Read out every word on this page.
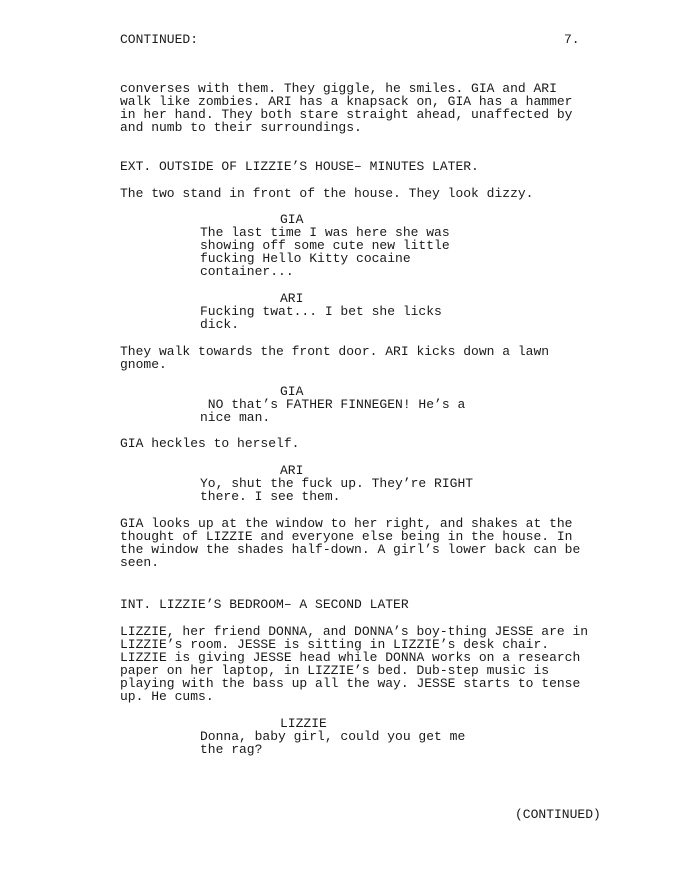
CONTINUED:	7.
converses with them. They giggle, he smiles. GIA and ARI
walk like zombies. ARI has a knapsack on, GIA has a hammer
in her hand. They both stare straight ahead, unaffected by
and numb to their surroundings.
EXT. OUTSIDE OF LIZZIE’S HOUSE– MINUTES LATER.
The two stand in front of the house. They look dizzy.
GIA
The last time I was here she was
showing off some cute new little
fucking Hello Kitty cocaine
container...
ARI
Fucking twat... I bet she licks
dick.
They walk towards the front door. ARI kicks down a lawn
gnome.
GIA
NO that’s FATHER FINNEGEN! He’s a
nice man.
GIA heckles to herself.
ARI
Yo, shut the fuck up. They’re RIGHT
there. I see them.
GIA looks up at the window to her right, and shakes at the
thought of LIZZIE and everyone else being in the house. In
the window the shades half-down. A girl’s lower back can be
seen.
INT. LIZZIE’S BEDROOM– A SECOND LATER
LIZZIE, her friend DONNA, and DONNA’s boy-thing JESSE are in
LIZZIE’s room. JESSE is sitting in LIZZIE’s desk chair.
LIZZIE is giving JESSE head while DONNA works on a research
paper on her laptop, in LIZZIE’s bed. Dub-step music is
playing with the bass up all the way. JESSE starts to tense
up. He cums.
LIZZIE
Donna, baby girl, could you get me
the rag?
(CONTINUED)
